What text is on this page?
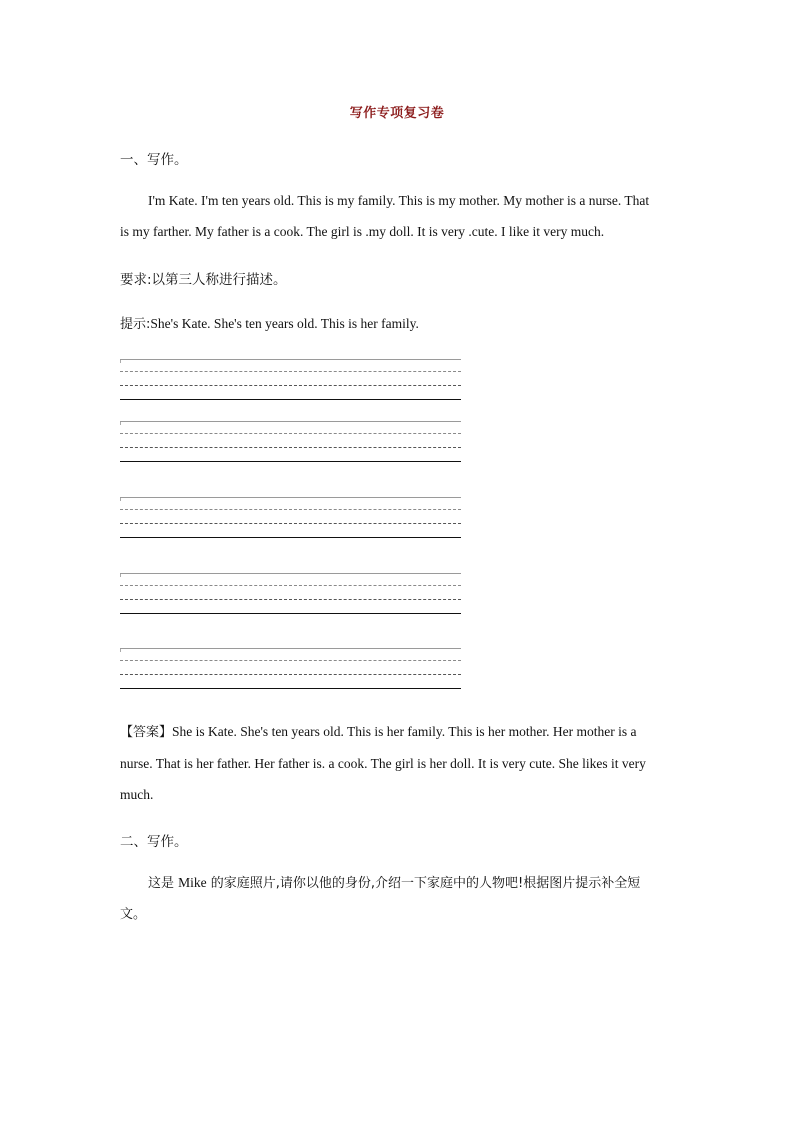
写作专项复习卷
一、写作。
I'm Kate. I'm ten years old. This is my family. This is my mother. My mother is a nurse. That
is my farther. My father is a cook. The girl is .my doll. It is very .cute. I like it very much.
要求:以第三人称进行描述。
提示:She's Kate. She's ten years old. This is her family.
【答案】She is Kate. She's ten years old. This is her family. This is her mother. Her mother is a
nurse. That is her father. Her father is. a cook. The girl is her doll. It is very cute. She likes it very
much.
二、写作。
这是 Mike 的家庭照片,请你以他的身份,介绍一下家庭中的人物吧!根据图片提示补全短
文。
